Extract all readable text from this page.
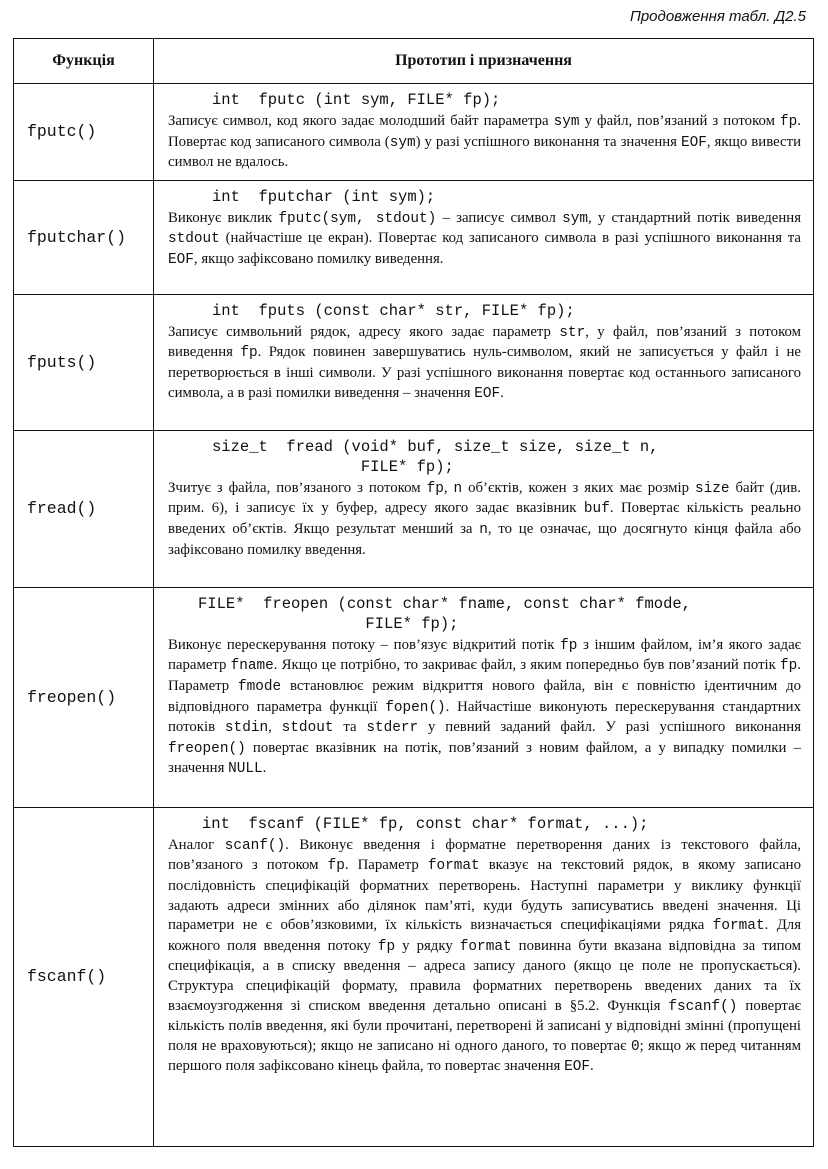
Продовження табл. Д2.5
Функція	Прототип і призначення
fputc()	int  fputc (int sym, FILE* fp);

Записує символ, код якого задає молодший байт параметра sym у файл, пов’язаний з потоком fp. Повертає код записаного символа (sym) у разі успішного виконання та значення EOF, якщо вивести символ не вдалось.

fputchar()	int  fputchar (int sym);

Виконує виклик fputc(sym, stdout) – записує символ sym, у стандартний потік виведення stdout (найчастіше це екран). Повертає код записаного символа в разі успішного виконання та EOF, якщо зафіксовано помилку виведення.

fputs()	int  fputs (const char* str, FILE* fp);

Записує символьний рядок, адресу якого задає параметр str, у файл, пов’язаний з потоком виведення fp. Рядок повинен завершуватись нуль-символом, який не записується у файл і не перетворюється в інші символи. У разі успішного виконання повертає код останнього записаного символа, а в разі помилки виведення – значення EOF.

fread()	size_t  fread (void* buf, size_t size, size_t n,
FILE* fp);

Зчитує з файла, пов’язаного з потоком fp, n об’єктів, кожен з яких має розмір size байт (див. прим. 6), і записує їх у буфер, адресу якого задає вказівник buf. Повертає кількість реально введених об’єктів. Якщо результат менший за n, то це означає, що досягнуто кінця файла або зафіксовано помилку введення.

freopen()	FILE*  freopen (const char* fname, const char* fmode,
FILE* fp);

Виконує перескерування потоку – пов’язує відкритий потік fp з іншим файлом, ім’я якого задає параметр fname. Якщо це потрібно, то закриває файл, з яким попередньо був пов’язаний потік fp. Параметр fmode встановлює режим відкриття нового файла, він є повністю ідентичним до відповідного параметра функції fopen(). Найчастіше виконують перескерування стандартних потоків stdin, stdout та stderr у певний заданий файл. У разі успішного виконання freopen() повертає вказівник на потік, пов’язаний з новим файлом, а у випадку помилки – значення NULL.

fscanf()	int  fscanf (FILE* fp, const char* format, ...);

Аналог scanf(). Виконує введення і форматне перетворення даних із текстового файла, пов’язаного з потоком fp. Параметр format вказує на текстовий рядок, в якому записано послідовність специфікацій форматних перетворень. Наступні параметри у виклику функції задають адреси змінних або ділянок пам’яті, куди будуть записуватись введені значення. Ці параметри не є обов’язковими, їх кількість визначається специфікаціями рядка format. Для кожного поля введення потоку fp у рядку format повинна бути вказана відповідна за типом специфікація, а в списку введення – адреса запису даного (якщо це поле не пропускається). Структура специфікацій формату, правила форматних перетворень введених даних та їх взаємоузгодження зі списком введення детально описані в §5.2. Функція fscanf() повертає кількість полів введення, які були прочитані, перетворені й записані у відповідні змінні (пропущені поля не враховуються); якщо не записано ні одного даного, то повертає 0; якщо ж перед читанням першого поля зафіксовано кінець файла, то повертає значення EOF.
